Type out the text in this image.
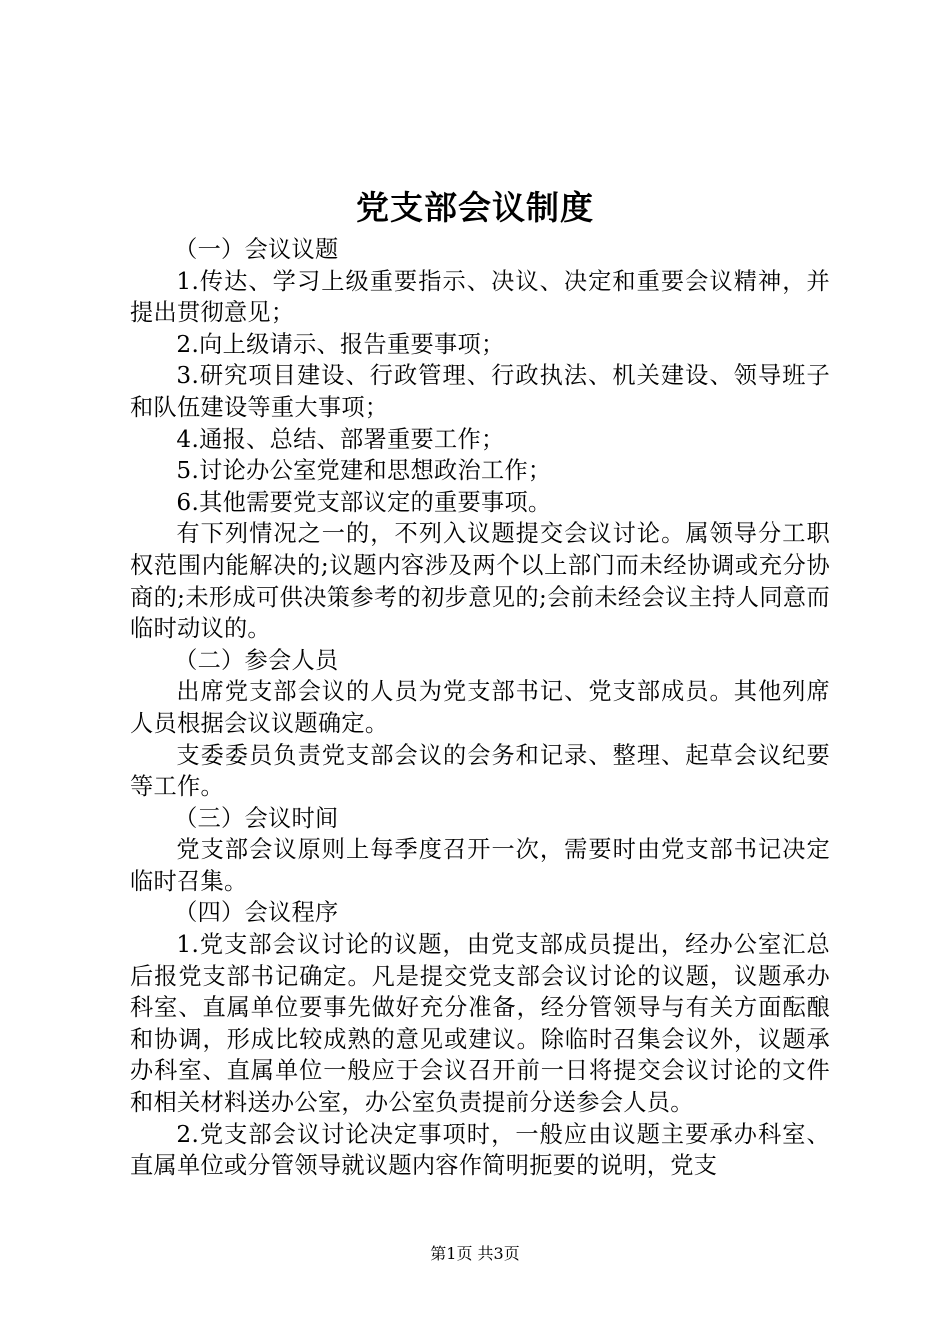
党支部会议制度

（一）会议议题

1.传达、学习上级重要指示、决议、决定和重要会议精神，并提出贯彻意见；

2.向上级请示、报告重要事项；

3.研究项目建设、行政管理、行政执法、机关建设、领导班子和队伍建设等重大事项；

4.通报、总结、部署重要工作；

5.讨论办公室党建和思想政治工作；

6.其他需要党支部议定的重要事项。

有下列情况之一的，不列入议题提交会议讨论。属领导分工职权范围内能解决的;议题内容涉及两个以上部门而未经协调或充分协商的;未形成可供决策参考的初步意见的;会前未经会议主持人同意而临时动议的。

（二）参会人员

出席党支部会议的人员为党支部书记、党支部成员。其他列席人员根据会议议题确定。

支委委员负责党支部会议的会务和记录、整理、起草会议纪要等工作。

（三）会议时间

党支部会议原则上每季度召开一次，需要时由党支部书记决定临时召集。

（四）会议程序

1.党支部会议讨论的议题，由党支部成员提出，经办公室汇总后报党支部书记确定。凡是提交党支部会议讨论的议题，议题承办科室、直属单位要事先做好充分准备，经分管领导与有关方面酝酿和协调，形成比较成熟的意见或建议。除临时召集会议外，议题承办科室、直属单位一般应于会议召开前一日将提交会议讨论的文件和相关材料送办公室，办公室负责提前分送参会人员。

2.党支部会议讨论决定事项时，一般应由议题主要承办科室、直属单位或分管领导就议题内容作简明扼要的说明，党支

第1页 共3页
